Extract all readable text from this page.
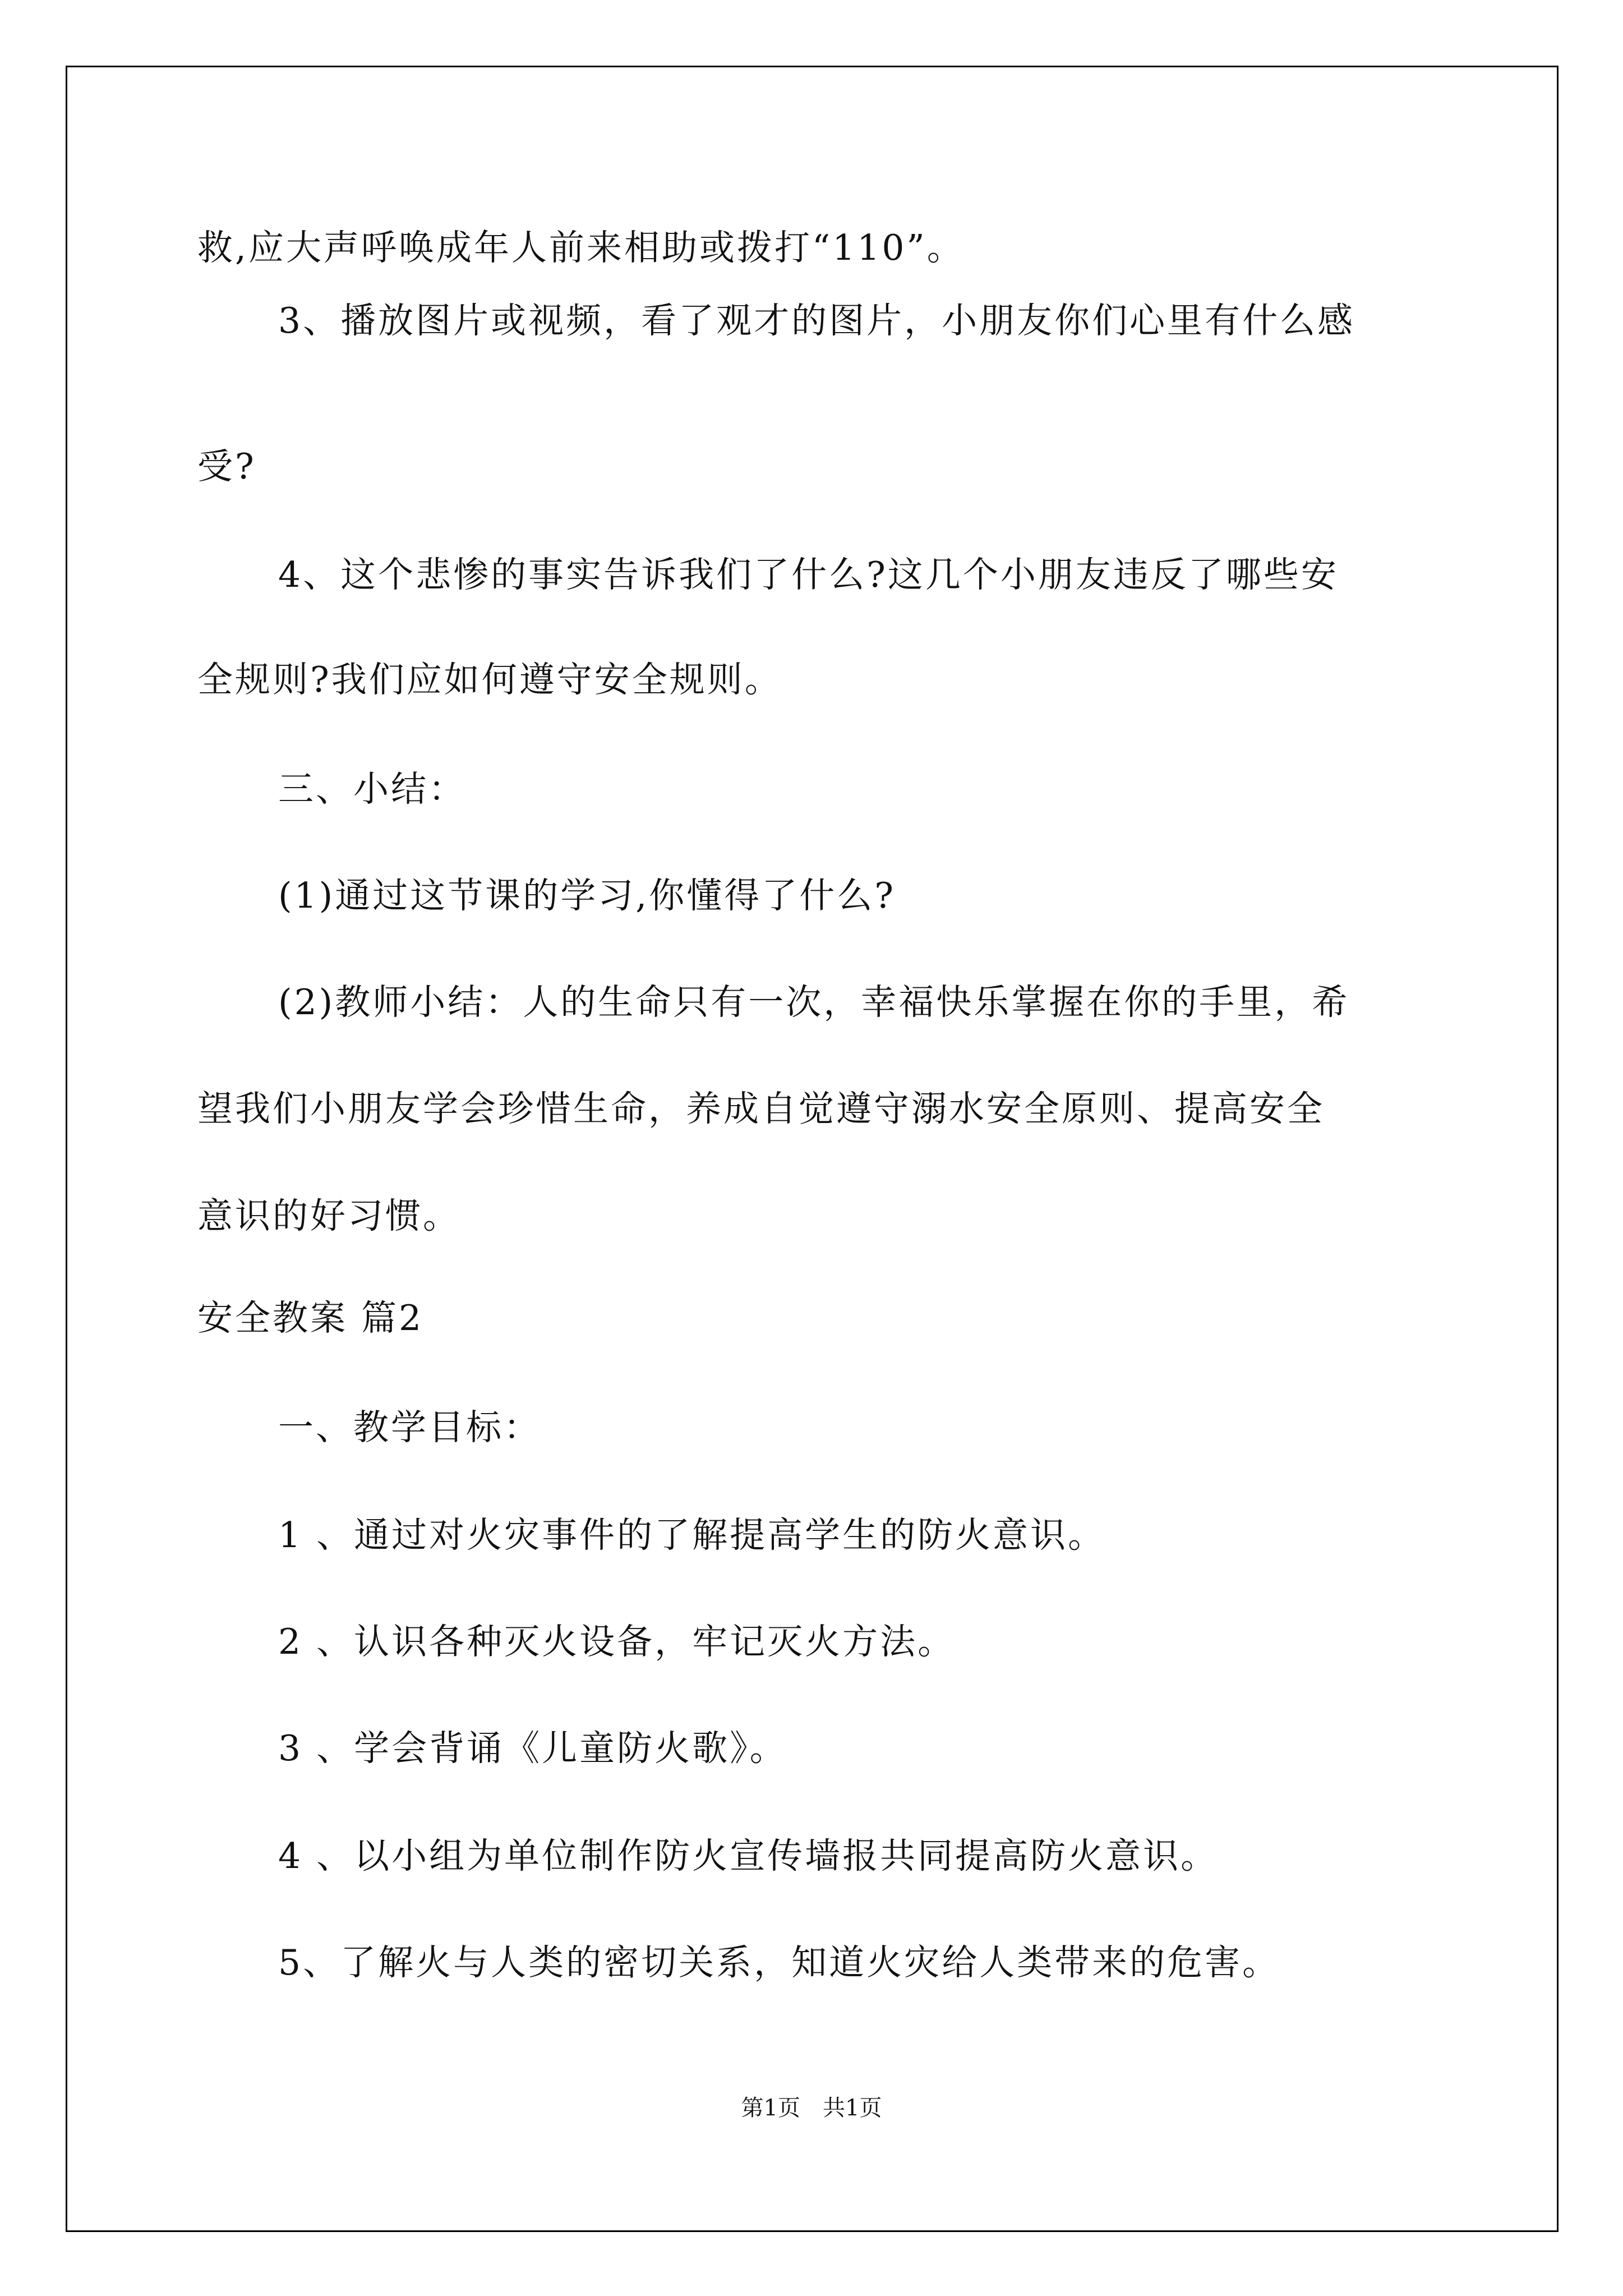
救,应大声呼唤成年人前来相助或拨打“110”。
3、播放图片或视频，看了观才的图片，小朋友你们心里有什么感
受?
4、这个悲惨的事实告诉我们了什么?这几个小朋友违反了哪些安
全规则?我们应如何遵守安全规则。
三、小结：
(1)通过这节课的学习,你懂得了什么?
(2)教师小结：人的生命只有一次，幸福快乐掌握在你的手里，希
望我们小朋友学会珍惜生命，养成自觉遵守溺水安全原则、提高安全
意识的好习惯。
安全教案 篇2
一、教学目标：
1 、通过对火灾事件的了解提高学生的防火意识。
2 、认识各种灭火设备，牢记灭火方法。
3 、学会背诵《儿童防火歌》。
4 、以小组为单位制作防火宣传墙报共同提高防火意识。
5、了解火与人类的密切关系，知道火灾给人类带来的危害。
第1页　共1页
